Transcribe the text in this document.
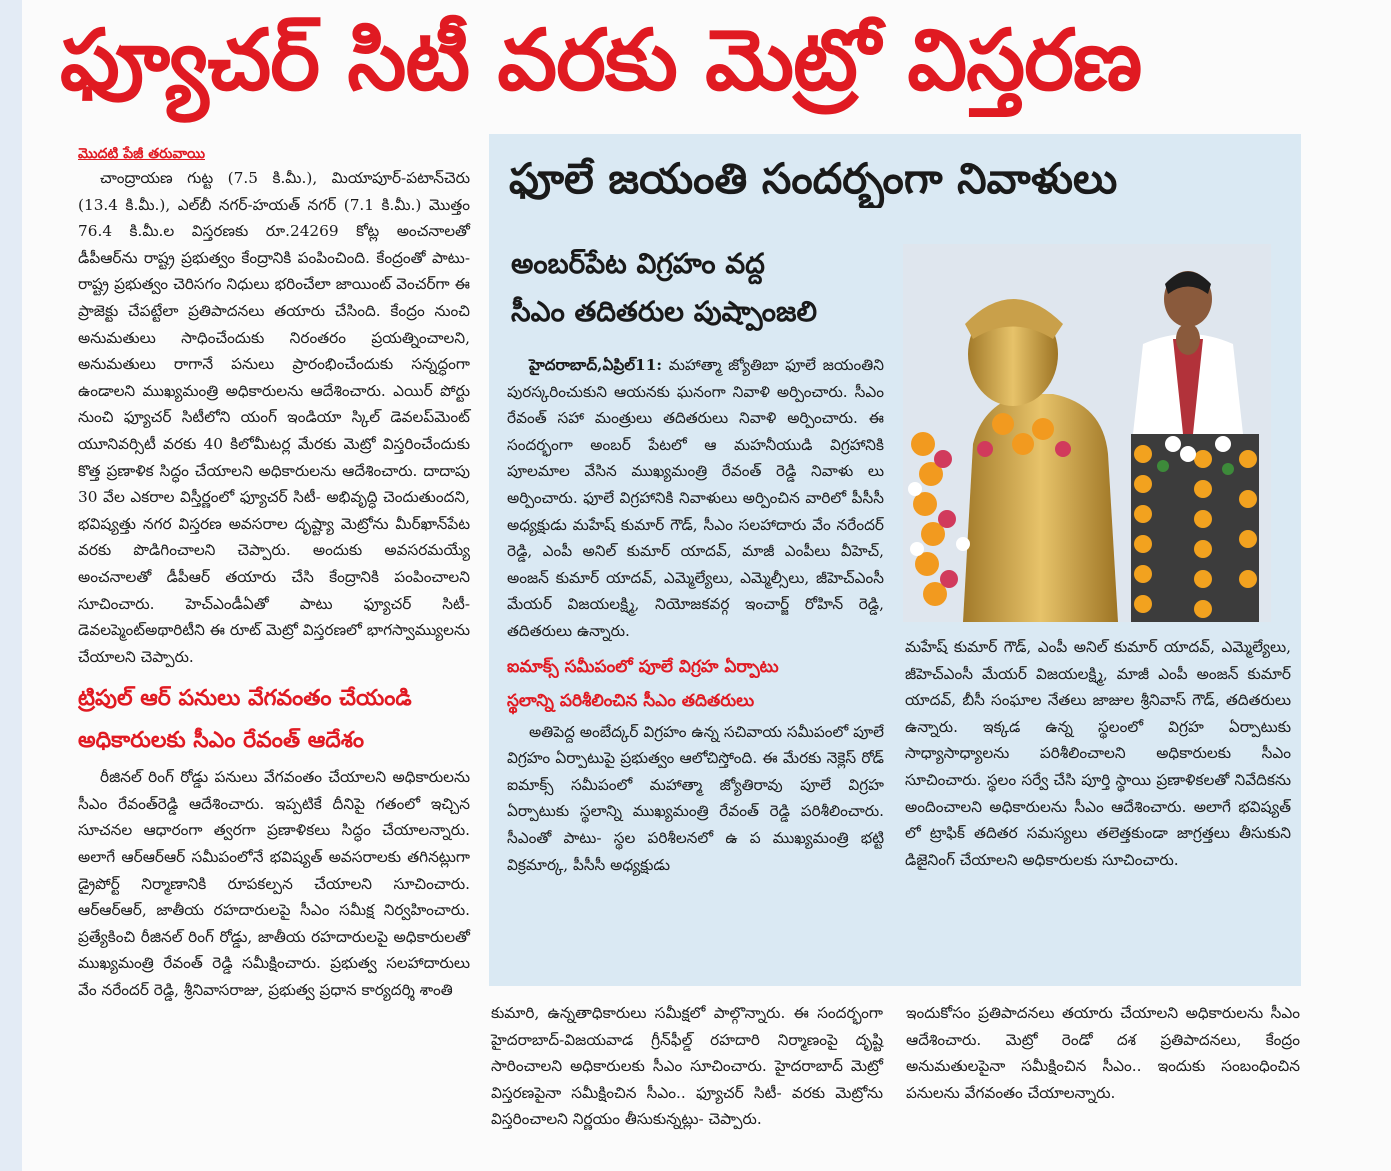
ఫ్యూచర్ సిటీ వరకు మెట్రో విస్తరణ
మొదటి పేజీ తరువాయి

చాంద్రాయణ గుట్ట (7.5 కి.మీ.), మియాపూర్-పటాన్‌చెరు (13.4 కి.మీ.), ఎల్‌బీ నగర్-హయత్ నగర్ (7.1 కి.మీ.) మొత్తం 76.4 కి.మీ.ల విస్తరణకు రూ.24269 కోట్ల అంచనాలతో డీపీఆర్‌ను రాష్ట్ర ప్రభుత్వం కేంద్రానికి పంపించింది. కేంద్రంతో పాటు-రాష్ట్ర ప్రభుత్వం చెరిసగం నిధులు భరించేలా జాయింట్ వెంచర్‌గా ఈ ప్రాజెక్టు చేపట్టేలా ప్రతిపాదనలు తయారు చేసింది. కేంద్రం నుంచి అనుమతులు సాధించేందుకు నిరంతరం ప్రయత్నించాలని, అనుమతులు రాగానే పనులు ప్రారంభించేందుకు సన్నద్ధంగా ఉండాలని ముఖ్యమంత్రి అధికారులను ఆదేశించారు. ఎయిర్ పోర్టు నుంచి ఫ్యూచర్ సిటీలోని యంగ్ ఇండియా స్కిల్ డెవలప్‌మెంట్ యూనివర్సిటీ వరకు 40 కిలోమీటర్ల మేరకు మెట్రో విస్తరించేందుకు కొత్త ప్రణాళిక సిద్ధం చేయాలని అధికారులను ఆదేశించారు. దాదాపు 30 వేల ఎకరాల విస్తీర్ణంలో ఫ్యూచర్ సిటీ- అభివృద్ధి చెందుతుందని, భవిష్యత్తు నగర విస్తరణ అవసరాల దృష్ట్యా మెట్రోను మీర్‌ఖాన్‌పేట వరకు పొడిగించాలని చెప్పారు. అందుకు అవసరమయ్యే అంచనాలతో డీపీఆర్ తయారు చేసి కేంద్రానికి పంపించాలని సూచించారు. హెచ్‌ఎండీఏతో పాటు ఫ్యూచర్ సిటీ-డెవలప్మెంట్‌అథారిటీని ఈ రూట్ మెట్రో విస్తరణలో భాగస్వామ్యులను చేయాలని చెప్పారు.

ట్రిపుల్ ఆర్ పనులు వేగవంతం చేయండి
అధికారులకు సీఎం రేవంత్ ఆదేశం

రీజినల్ రింగ్ రోడ్డు పనులు వేగవంతం చేయాలని అధికారులను సీఎం రేవంత్‌రెడ్డి ఆదేశించారు. ఇప్పటికే దీనిపై గతంలో ఇచ్చిన సూచనల ఆధారంగా త్వరగా ప్రణాళికలు సిద్ధం చేయాలన్నారు. అలాగే ఆర్ఆర్ఆర్ సమీపంలోనే భవిష్యత్ అవసరాలకు తగినట్లుగా డ్రైపోర్ట్ నిర్మాణానికి రూపకల్పన చేయాలని సూచించారు. ఆర్ఆర్ఆర్, జాతీయ రహదారులపై సీఎం సమీక్ష నిర్వహించారు. ప్రత్యేకించి రీజినల్ రింగ్ రోడ్డు, జాతీయ రహదారులపై అధికారులతో ముఖ్యమంత్రి రేవంత్ రెడ్డి సమీక్షించారు. ప్రభుత్వ సలహాదారులు వేం నరేందర్ రెడ్డి, శ్రీనివాసరాజు, ప్రభుత్వ ప్రధాన కార్యదర్శి శాంతి

ఫూలే జయంతి సందర్భంగా నివాళులు
అంబర్‌పేట విగ్రహం వద్ద
సీఎం తదితరుల పుష్పాంజలి

హైదరాబాద్,ఏప్రిల్11: మహాత్మా జ్యోతిబా ఫూలే జయంతిని పురస్కరించుకుని ఆయనకు ఘనంగా నివాళి అర్పించారు. సీఎం రేవంత్ సహా మంత్రులు తదితరులు నివాళి అర్పించారు. ఈ సందర్భంగా అంబర్ పేటలో ఆ మహనీయుడి విగ్రహానికి పూలమాల వేసిన ముఖ్యమంత్రి రేవంత్ రెడ్డి నివాళు లు అర్పించారు. ఫూలే విగ్రహానికి నివాళులు అర్పించిన వారిలో పీసీసీ అధ్యక్షుడు మహేష్ కుమార్ గౌడ్, సీఎం సలహాదారు వేం నరేందర్ రెడ్డి, ఎంపీ అనిల్ కుమార్ యాదవ్, మాజీ ఎంపీలు వీహెచ్, అంజన్ కుమార్ యాదవ్, ఎమ్మెల్యేలు, ఎమ్మెల్సీలు, జీహెచ్ఎంసీ మేయర్ విజయలక్ష్మి, నియోజకవర్గ ఇంచార్జ్ రోహిన్ రెడ్డి, తదితరులు ఉన్నారు.

ఐమాక్స్ సమీపంలో పూలే విగ్రహ ఏర్పాటు
స్థలాన్ని పరిశీలించిన సీఎం తదితరులు

అతిపెద్ద అంబేద్కర్ విగ్రహం ఉన్న సచివాయ సమీపంలో పూలే విగ్రహం ఏర్పాటుపై ప్రభుత్వం ఆలోచిస్తోంది. ఈ మేరకు నెక్లెస్ రోడ్ ఐమాక్స్ సమీపంలో మహాత్మా జ్యోతిరావు పూలే విగ్రహ ఏర్పాటుకు స్థలాన్ని ముఖ్యమంత్రి రేవంత్ రెడ్డి పరిశీలించారు. సీఎంతో పాటు- స్థల పరిశీలనలో ఉ ప ముఖ్యమంత్రి భట్టి విక్రమార్క, పీసీసీ అధ్యక్షుడు

మహేష్ కుమార్ గౌడ్, ఎంపీ అనిల్ కుమార్ యాదవ్, ఎమ్మెల్యేలు, జీహెచ్ఎంసీ మేయర్ విజయలక్ష్మి, మాజీ ఎంపీ అంజన్ కుమార్ యాదవ్, బీసీ సంఘాల నేతలు జాజుల శ్రీనివాస్ గౌడ్, తదితరులు ఉన్నారు. ఇక్కడ ఉన్న స్థలంలో విగ్రహ ఏర్పాటుకు సాధ్యాసాధ్యాలను పరిశీలించాలని అధికారులకు సీఎం సూచించారు. స్థలం సర్వే చేసి పూర్తి స్థాయి ప్రణాళికలతో నివేదికను అందించాలని అధికారులను సీఎం ఆదేశించారు. అలాగే భవిష్యత్ లో ట్రాఫిక్ తదితర సమస్యలు తలెత్తకుండా జాగ్రత్తలు తీసుకుని డిజైనింగ్ చేయాలని అధికారులకు సూచించారు.

కుమారి, ఉన్నతాధికారులు సమీక్షలో పాల్గొన్నారు. ఈ సందర్భంగా హైదరాబాద్-విజయవాడ గ్రీన్‌ఫీల్డ్ రహదారి నిర్మాణంపై దృష్టి సారించాలని అధికారులకు సీఎం సూచించారు. హైదరాబాద్ మెట్రో విస్తరణపైనా సమీక్షించిన సీఎం.. ఫ్యూచర్ సిటీ- వరకు మెట్రోను విస్తరించాలని నిర్ణయం తీసుకున్నట్లు- చెప్పారు.

ఇందుకోసం ప్రతిపాదనలు తయారు చేయాలని అధికారులను సీఎం ఆదేశించారు. మెట్రో రెండో దశ ప్రతిపాదనలు, కేంద్రం అనుమతులపైనా సమీక్షించిన సీఎం.. ఇందుకు సంబంధించిన పనులను వేగవంతం చేయాలన్నారు.
